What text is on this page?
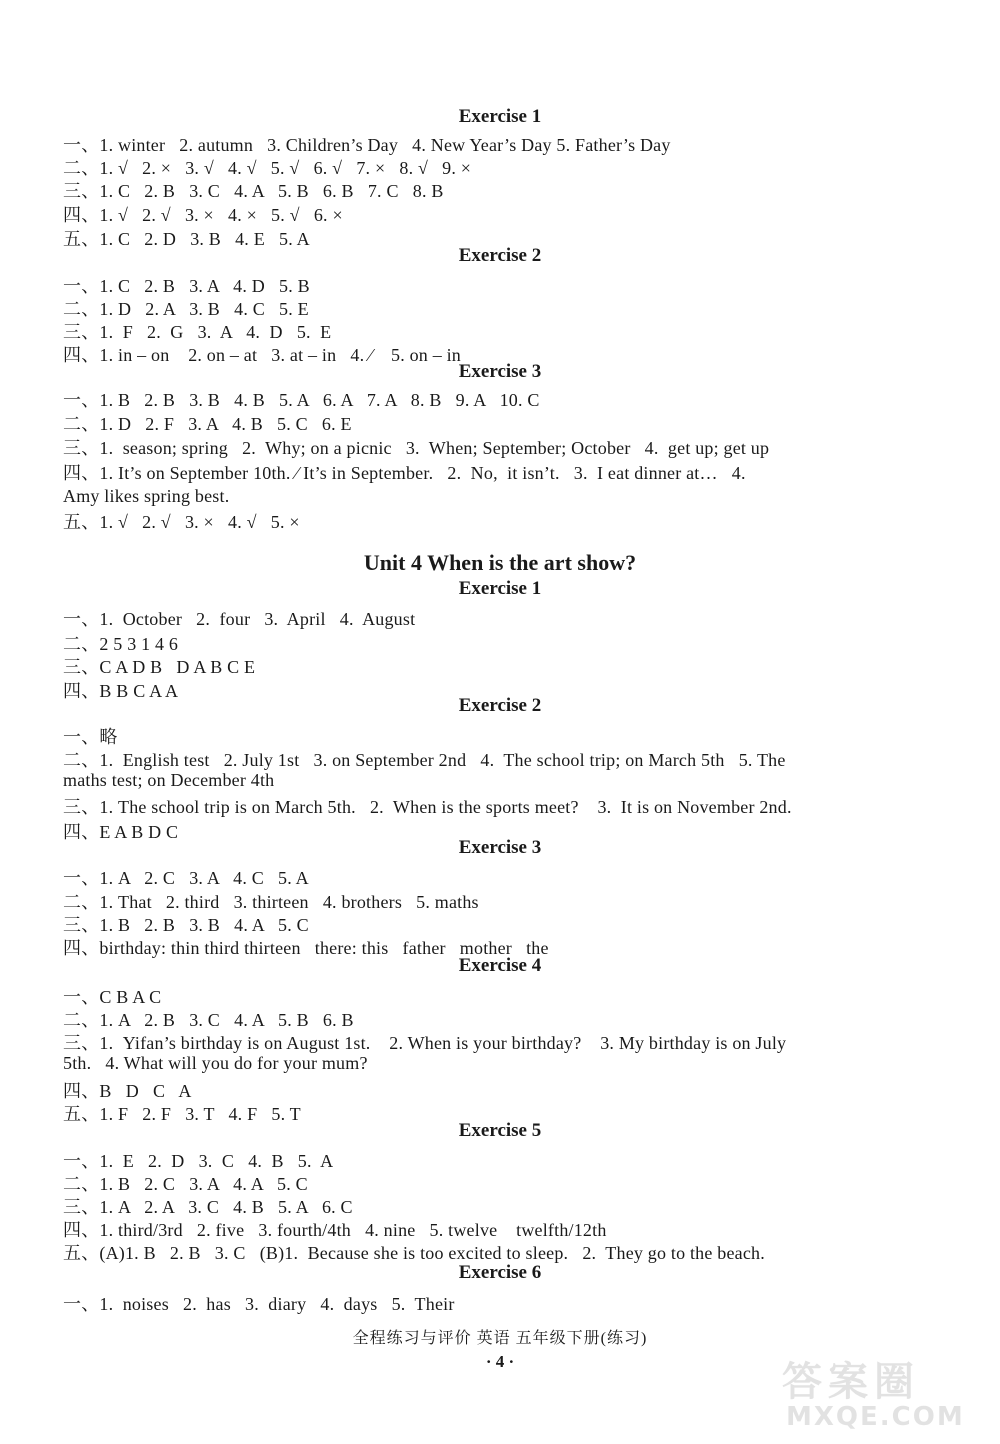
Exercise 1
一、1. winter   2. autumn   3. Children’s Day   4. New Year’s Day 5. Father’s Day
二、1. √   2. ×   3. √   4. √   5. √   6. √   7. ×   8. √   9. ×
三、1. C   2. B   3. C   4. A   5. B   6. B   7. C   8. B
四、1. √   2. √   3. ×   4. ×   5. √   6. ×
五、1. C   2. D   3. B   4. E   5. A
Exercise 2
一、1. C   2. B   3. A   4. D   5. B
二、1. D   2. A   3. B   4. C   5. E
三、1.  F   2.  G   3.  A   4.  D   5.  E
四、1. in – on    2. on – at   3. at – in   4. ⁄    5. on – in
Exercise 3
一、1. B   2. B   3. B   4. B   5. A   6. A   7. A   8. B   9. A   10. C
二、1. D   2. F   3. A   4. B   5. C   6. E
三、1.  season; spring   2.  Why; on a picnic   3.  When; September; October   4.  get up; get up
四、1. It’s on September 10th. ⁄ It’s in September.   2.  No,  it isn’t.   3.  I eat dinner at…   4.
Amy likes spring best.
五、1. √   2. √   3. ×   4. √   5. ×
Unit 4 When is the art show?
Exercise 1
一、1.  October   2.  four   3.  April   4.  August
二、2 5 3 1 4 6
三、C A D B   D A B C E
四、B B C A A
Exercise 2
一、略
二、1.  English test   2. July 1st   3. on September 2nd   4.  The school trip; on March 5th   5. The
maths test; on December 4th
三、1. The school trip is on March 5th.   2.  When is the sports meet?    3.  It is on November 2nd.
四、E A B D C
Exercise 3
一、1. A   2. C   3. A   4. C   5. A
二、1. That   2. third   3. thirteen   4. brothers   5. maths
三、1. B   2. B   3. B   4. A   5. C
四、birthday: thin third thirteen   there: this   father   mother   the
Exercise 4
一、C B A C
二、1. A   2. B   3. C   4. A   5. B   6. B
三、1.  Yifan’s birthday is on August 1st.    2. When is your birthday?    3. My birthday is on July
5th.   4. What will you do for your mum?
四、B   D   C   A
五、1. F   2. F   3. T   4. F   5. T
Exercise 5
一、1.  E   2.  D   3.  C   4.  B   5.  A
二、1. B   2. C   3. A   4. A   5. C
三、1. A   2. A   3. C   4. B   5. A   6. C
四、1. third/3rd   2. five   3. fourth/4th   4. nine   5. twelve    twelfth/12th
五、(A)1. B   2. B   3. C   (B)1.  Because she is too excited to sleep.   2.  They go to the beach.
Exercise 6
一、1.  noises   2.  has   3.  diary   4.  days   5.  Their
全程练习与评价 英语 五年级下册(练习)
· 4 ·	答案圈
MXQE.COM
